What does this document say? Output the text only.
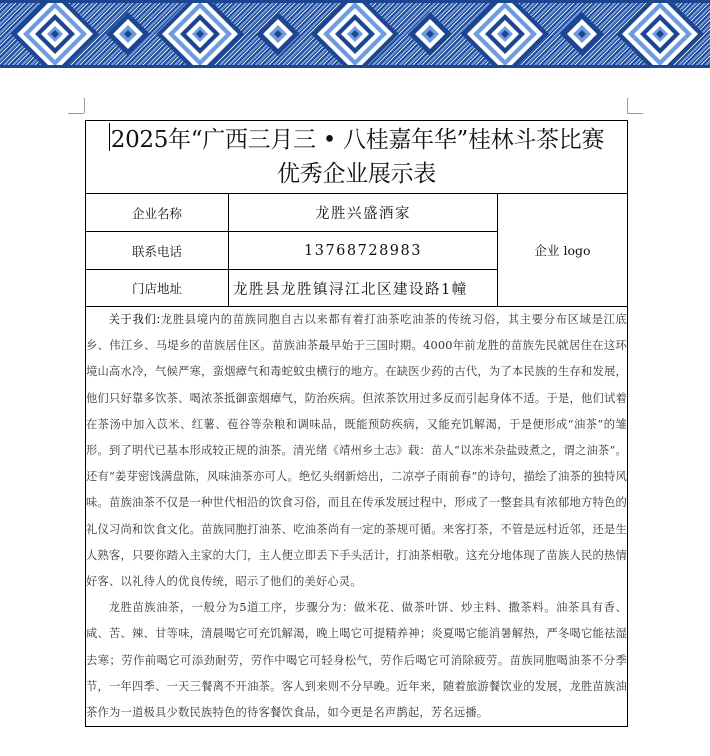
2025年“广西三月三 • 八桂嘉年华”桂林斗茶比赛
优秀企业展示表		

企业名称	龙胜兴盛酒家	企业 logo
联系电话	13768728983	
门店地址	龙胜县龙胜镇浔江北区建设路1幢	

关于我们:龙胜县境内的苗族同胞自古以来都有着打油茶吃油茶的传统习俗，其主要分布区域是江底乡、伟江乡、马堤乡的苗族居住区。苗族油茶最早始于三国时期。4000年前龙胜的苗族先民就居住在这环境山高水冷，气候严寒，蛮烟瘴气和毒蛇蚊虫横行的地方。在缺医少药的古代，为了本民族的生存和发展，他们只好靠多饮茶、喝浓茶抵御蛮烟瘴气，防治疾病。但浓茶饮用过多反而引起身体不适。于是，他们试着在茶汤中加入苡米、红薯、苞谷等杂粮和调味品，既能预防疾病，又能充饥解渴，于是便形成“油茶”的雏形。到了明代已基本形成较正规的油茶。清光绪《靖州乡土志》载：苗人“以冻米杂盐豉煮之，谓之油茶”。还有“姜芽密饯满盘陈，风味油茶亦可人。绝忆头纲新焙出，二凉亭子雨前春”的诗句，描绘了油茶的独特风味。苗族油茶不仅是一种世代相沿的饮食习俗，而且在传承发展过程中，形成了一整套具有浓郁地方特色的礼仪习尚和饮食文化。苗族同胞打油茶、吃油茶尚有一定的茶规可循。来客打茶，不管是远村近邻，还是生人熟客，只要你踏入主家的大门，主人便立即丢下手头活计，打油茶相敬。这充分地体现了苗族人民的热情好客、以礼待人的优良传统，昭示了他们的美好心灵。

龙胜苗族油茶，一般分为5道工序，步骤分为：做米花、做茶叶饼、炒主料、撒茶料。油茶具有香、咸、苦、辣、甘等味，清晨喝它可充饥解渴，晚上喝它可提精养神；炎夏喝它能消暑解热，严冬喝它能祛湿去寒；劳作前喝它可添劲耐劳，劳作中喝它可轻身松气，劳作后喝它可消除疲劳。苗族同胞喝油茶不分季节，一年四季、一天三餐离不开油茶。客人到来则不分早晚。近年来，随着旅游餐饮业的发展，龙胜苗族油茶作为一道极具少数民族特色的待客餐饮食品，如今更是名声鹊起，芳名远播。		
